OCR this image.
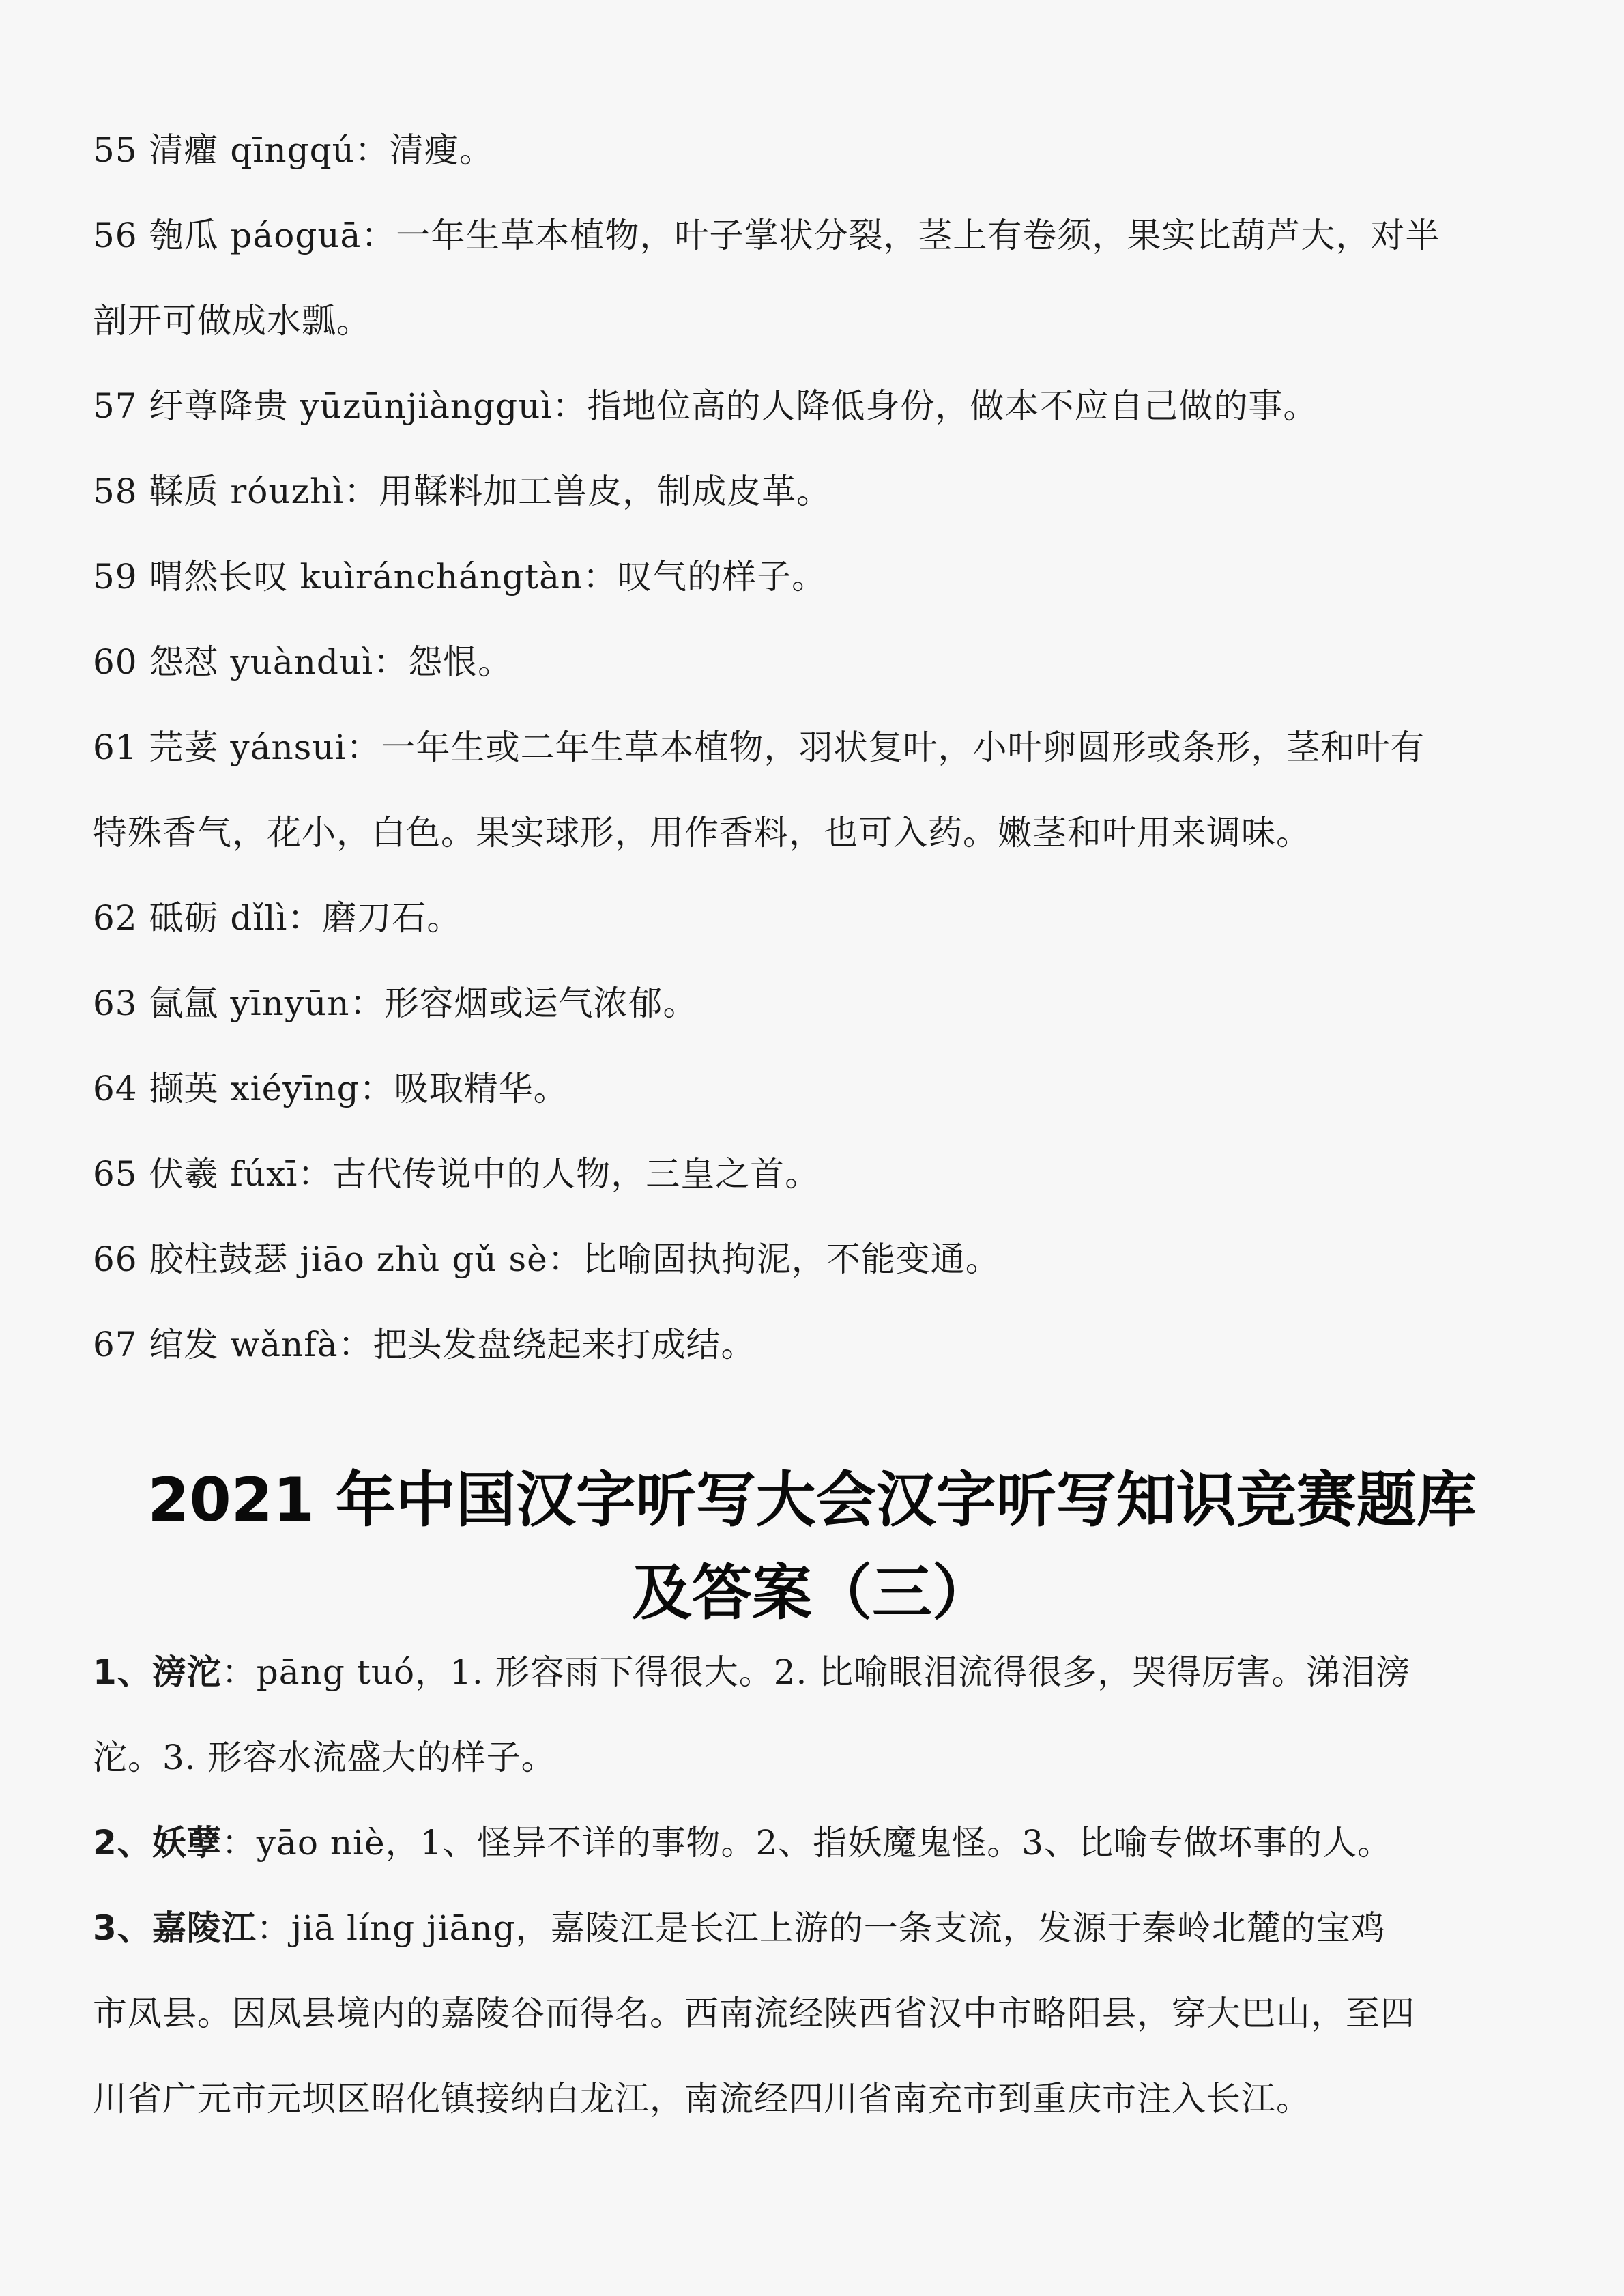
55 清癯 qīngqú：清瘦。
56 匏瓜 páoguā：一年生草本植物，叶子掌状分裂，茎上有卷须，果实比葫芦大，对半
剖开可做成水瓢。
57 纡尊降贵 yūzūnjiàngguì：指地位高的人降低身份，做本不应自己做的事。
58 鞣质 róuzhì：用鞣料加工兽皮，制成皮革。
59 喟然长叹 kuìránchángtàn：叹气的样子。
60 怨怼 yuànduì：怨恨。
61 芫荽 yánsui：一年生或二年生草本植物，羽状复叶，小叶卵圆形或条形，茎和叶有
特殊香气，花小，白色。果实球形，用作香料，也可入药。嫩茎和叶用来调味。
62 砥砺 dǐlì：磨刀石。
63 氤氲 yīnyūn：形容烟或运气浓郁。
64 撷英 xiéyīng：吸取精华。
65 伏羲 fúxī：古代传说中的人物，三皇之首。
66 胶柱鼓瑟 jiāo zhù gǔ sè：比喻固执拘泥，不能变通。
67 绾发 wǎnfà：把头发盘绕起来打成结。
2021 年中国汉字听写大会汉字听写知识竞赛题库
及答案（三）
1、滂沱：pāng tuó，1. 形容雨下得很大。2. 比喻眼泪流得很多，哭得厉害。涕泪滂
沱。3. 形容水流盛大的样子。
2、妖孽：yāo niè，1、怪异不详的事物。2、指妖魔鬼怪。3、比喻专做坏事的人。
3、嘉陵江：jiā líng jiāng，嘉陵江是长江上游的一条支流，发源于秦岭北麓的宝鸡
市凤县。因凤县境内的嘉陵谷而得名。西南流经陕西省汉中市略阳县，穿大巴山，至四
川省广元市元坝区昭化镇接纳白龙江，南流经四川省南充市到重庆市注入长江。
